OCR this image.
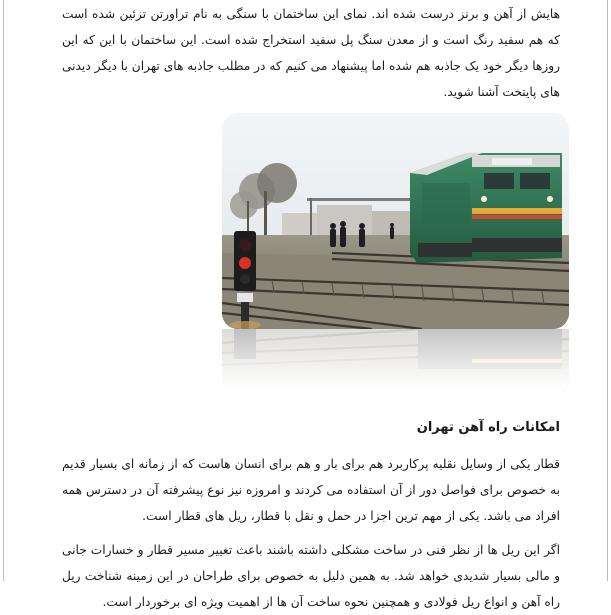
هایش از آهن و برنز درست شده اند. نمای این ساختمان با سنگی به نام تراورتن تزئین شده است که هم سفید رنگ است و از معدن سنگ پل سفید استخراج شده است. این ساختمان با این که این روزها دیگر خود یک جاذبه هم شده اما پیشنهاد می کنیم که در مطلب جاذبه های تهران با دیگر دیدنی های پایتخت آشنا شوید.

امکانات راه آهن تهران

قطار یکی از وسایل نقلیه پرکاربرد هم برای بار و هم برای انسان هاست که از زمانه ای بسیار قدیم به خصوص برای فواصل دور از آن استفاده می کردند و امروزه نیز نوع پیشرفته آن در دسترس همه افراد می باشد. یکی از مهم ترین اجزا در حمل و نقل با قطار، ریل های قطار است.

اگر این ریل ها از نظر فنی در ساخت مشکلی داشته باشند باعث تغییر مسیر قطار و خسارات جانی و مالی بسیار شدیدی خواهد شد. به همین دلیل به خصوص برای طراحان در این زمینه شناخت ریل راه آهن و انواع ریل فولادی و همچنین نحوه ساخت آن ها از اهمیت ویژه ای برخوردار است.
